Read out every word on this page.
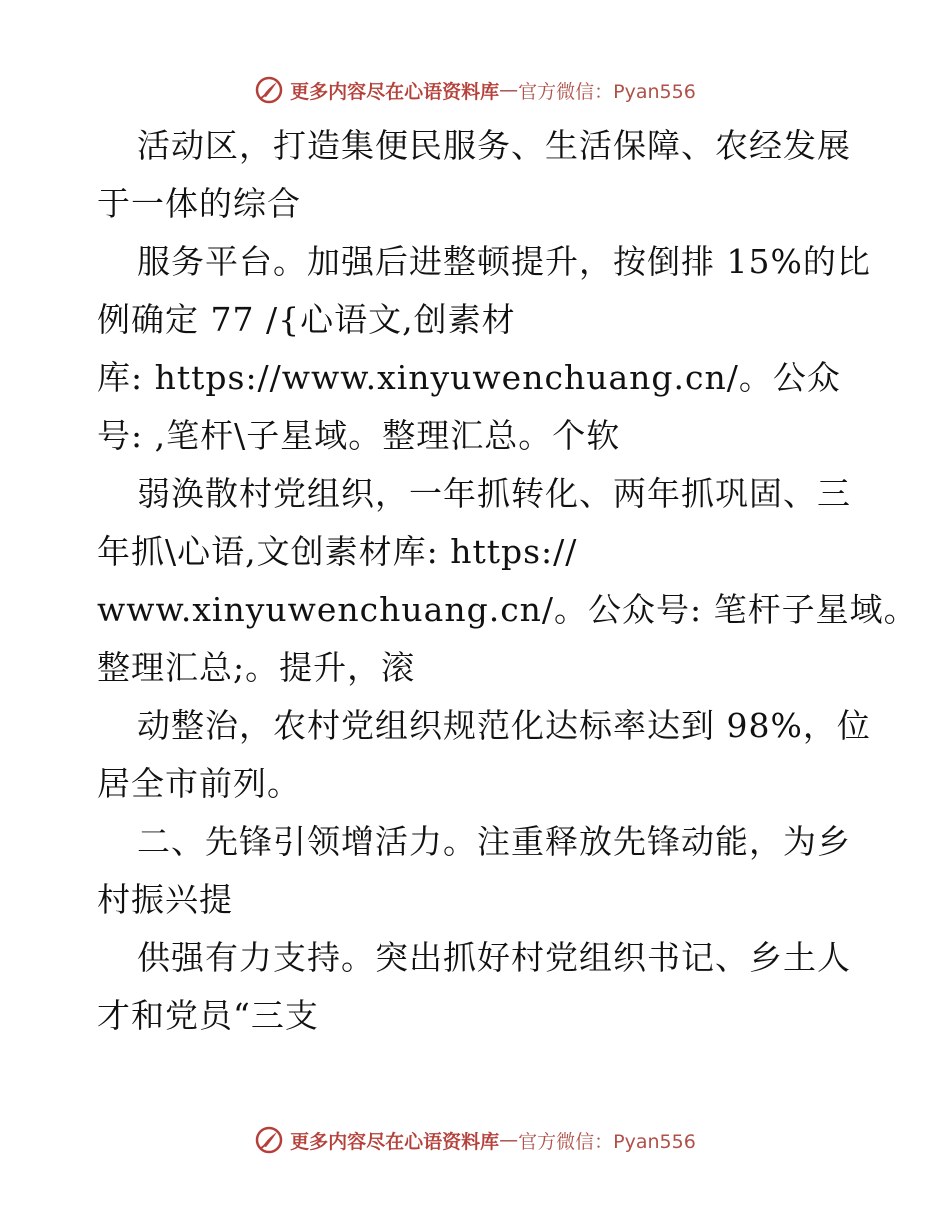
更多内容尽在心语资料库 — 官方微信：Pyan556
活动区，打造集便民服务、生活保障、农经发展
于一体的综合
服务平台。加强后进整顿提升，按倒排 15%的比
例确定 77 /{心语文,创素材
库: https://www.xinyuwenchuang.cn/。公众
号: ,笔杆\子星域。整理汇总。个软
弱涣散村党组织，一年抓转化、两年抓巩固、三
年抓\心语,文创素材库: https://
www.xinyuwenchuang.cn/。公众号: 笔杆子星域。
整理汇总;。提升，滚
动整治，农村党组织规范化达标率达到 98%，位
居全市前列。
二、先锋引领增活力。注重释放先锋动能，为乡
村振兴提
供强有力支持。突出抓好村党组织书记、乡土人
才和党员“三支
更多内容尽在心语资料库 — 官方微信：Pyan556
